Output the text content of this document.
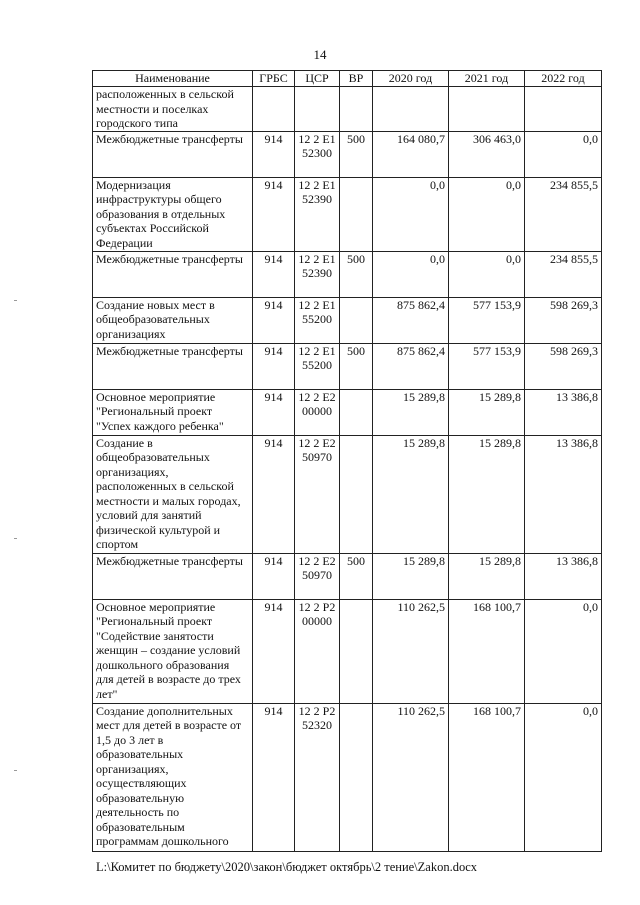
14
Наименование	ГРБС	ЦСР	ВР	2020 год	2021 год	2022 год
расположенных в сельской местности и поселках городского типа						
Межбюджетные трансферты	914	12 2 Е1 52300	500	164 080,7	306 463,0	0,0
Модернизация инфраструктуры общего образования в отдельных субъектах Российской Федерации	914	12 2 Е1 52390		0,0	0,0	234 855,5
Межбюджетные трансферты	914	12 2 Е1 52390	500	0,0	0,0	234 855,5
Создание новых мест в общеобразовательных организациях	914	12 2 Е1 55200		875 862,4	577 153,9	598 269,3
Межбюджетные трансферты	914	12 2 Е1 55200	500	875 862,4	577 153,9	598 269,3
Основное мероприятие "Региональный проект "Успех каждого ребенка"	914	12 2 Е2 00000		15 289,8	15 289,8	13 386,8
Создание в общеобразовательных организациях, расположенных в сельской местности и малых городах, условий для занятий физической культурой и спортом	914	12 2 Е2 50970		15 289,8	15 289,8	13 386,8
Межбюджетные трансферты	914	12 2 Е2 50970	500	15 289,8	15 289,8	13 386,8
Основное мероприятие "Региональный проект "Содействие занятости женщин – создание условий дошкольного образования для детей в возрасте до трех лет"	914	12 2 Р2 00000		110 262,5	168 100,7	0,0
Создание дополнительных мест для детей в возрасте от 1,5 до 3 лет в образовательных организациях, осуществляющих образовательную деятельность по образовательным программам дошкольного	914	12 2 Р2 52320		110 262,5	168 100,7	0,0
L:\Комитет по бюджету\2020\закон\бюджет октябрь\2 тение\Zakon.docx
